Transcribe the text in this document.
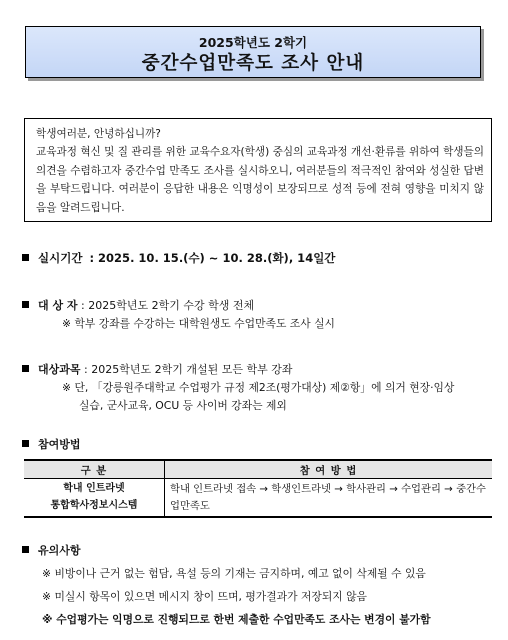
2025학년도 2학기
중간수업만족도 조사 안내

학생여러분, 안녕하십니까?

교육과정 혁신 및 질 관리를 위한 교육수요자(학생) 중심의 교육과정 개선·환류를 위하여 학생들의 의견을 수렴하고자 중간수업 만족도 조사를 실시하오니, 여러분들의 적극적인 참여와 성실한 답변을 부탁드립니다. 여러분이 응답한 내용은 익명성이 보장되므로 성적 등에 전혀 영향을 미치지 않음을 알려드립니다.

실시기간 : 2025. 10. 15.(수) ~ 10. 28.(화), 14일간
대 상 자 : 2025학년도 2학기 수강 학생 전체
※ 학부 강좌를 수강하는 대학원생도 수업만족도 조사 실시
대상과목 : 2025학년도 2학기 개설된 모든 학부 강좌
※ 단, 「강릉원주대학교 수업평가 규정 제2조(평가대상) 제②항」에 의거 현장·임상
실습, 군사교육, OCU 등 사이버 강좌는 제외
참여방법
구 분	참 여 방 법

학내 인트라넷
통합학사정보시스템	학내 인트라넷 접속 → 학생인트라넷 → 학사관리 → 수업관리 → 중간수업만족도
유의사항
※ 비방이나 근거 없는 험담, 욕설 등의 기재는 금지하며, 예고 없이 삭제될 수 있음
※ 미실시 항목이 있으면 메시지 창이 뜨며, 평가결과가 저장되지 않음
※ 수업평가는 익명으로 진행되므로 한번 제출한 수업만족도 조사는 변경이 불가함
